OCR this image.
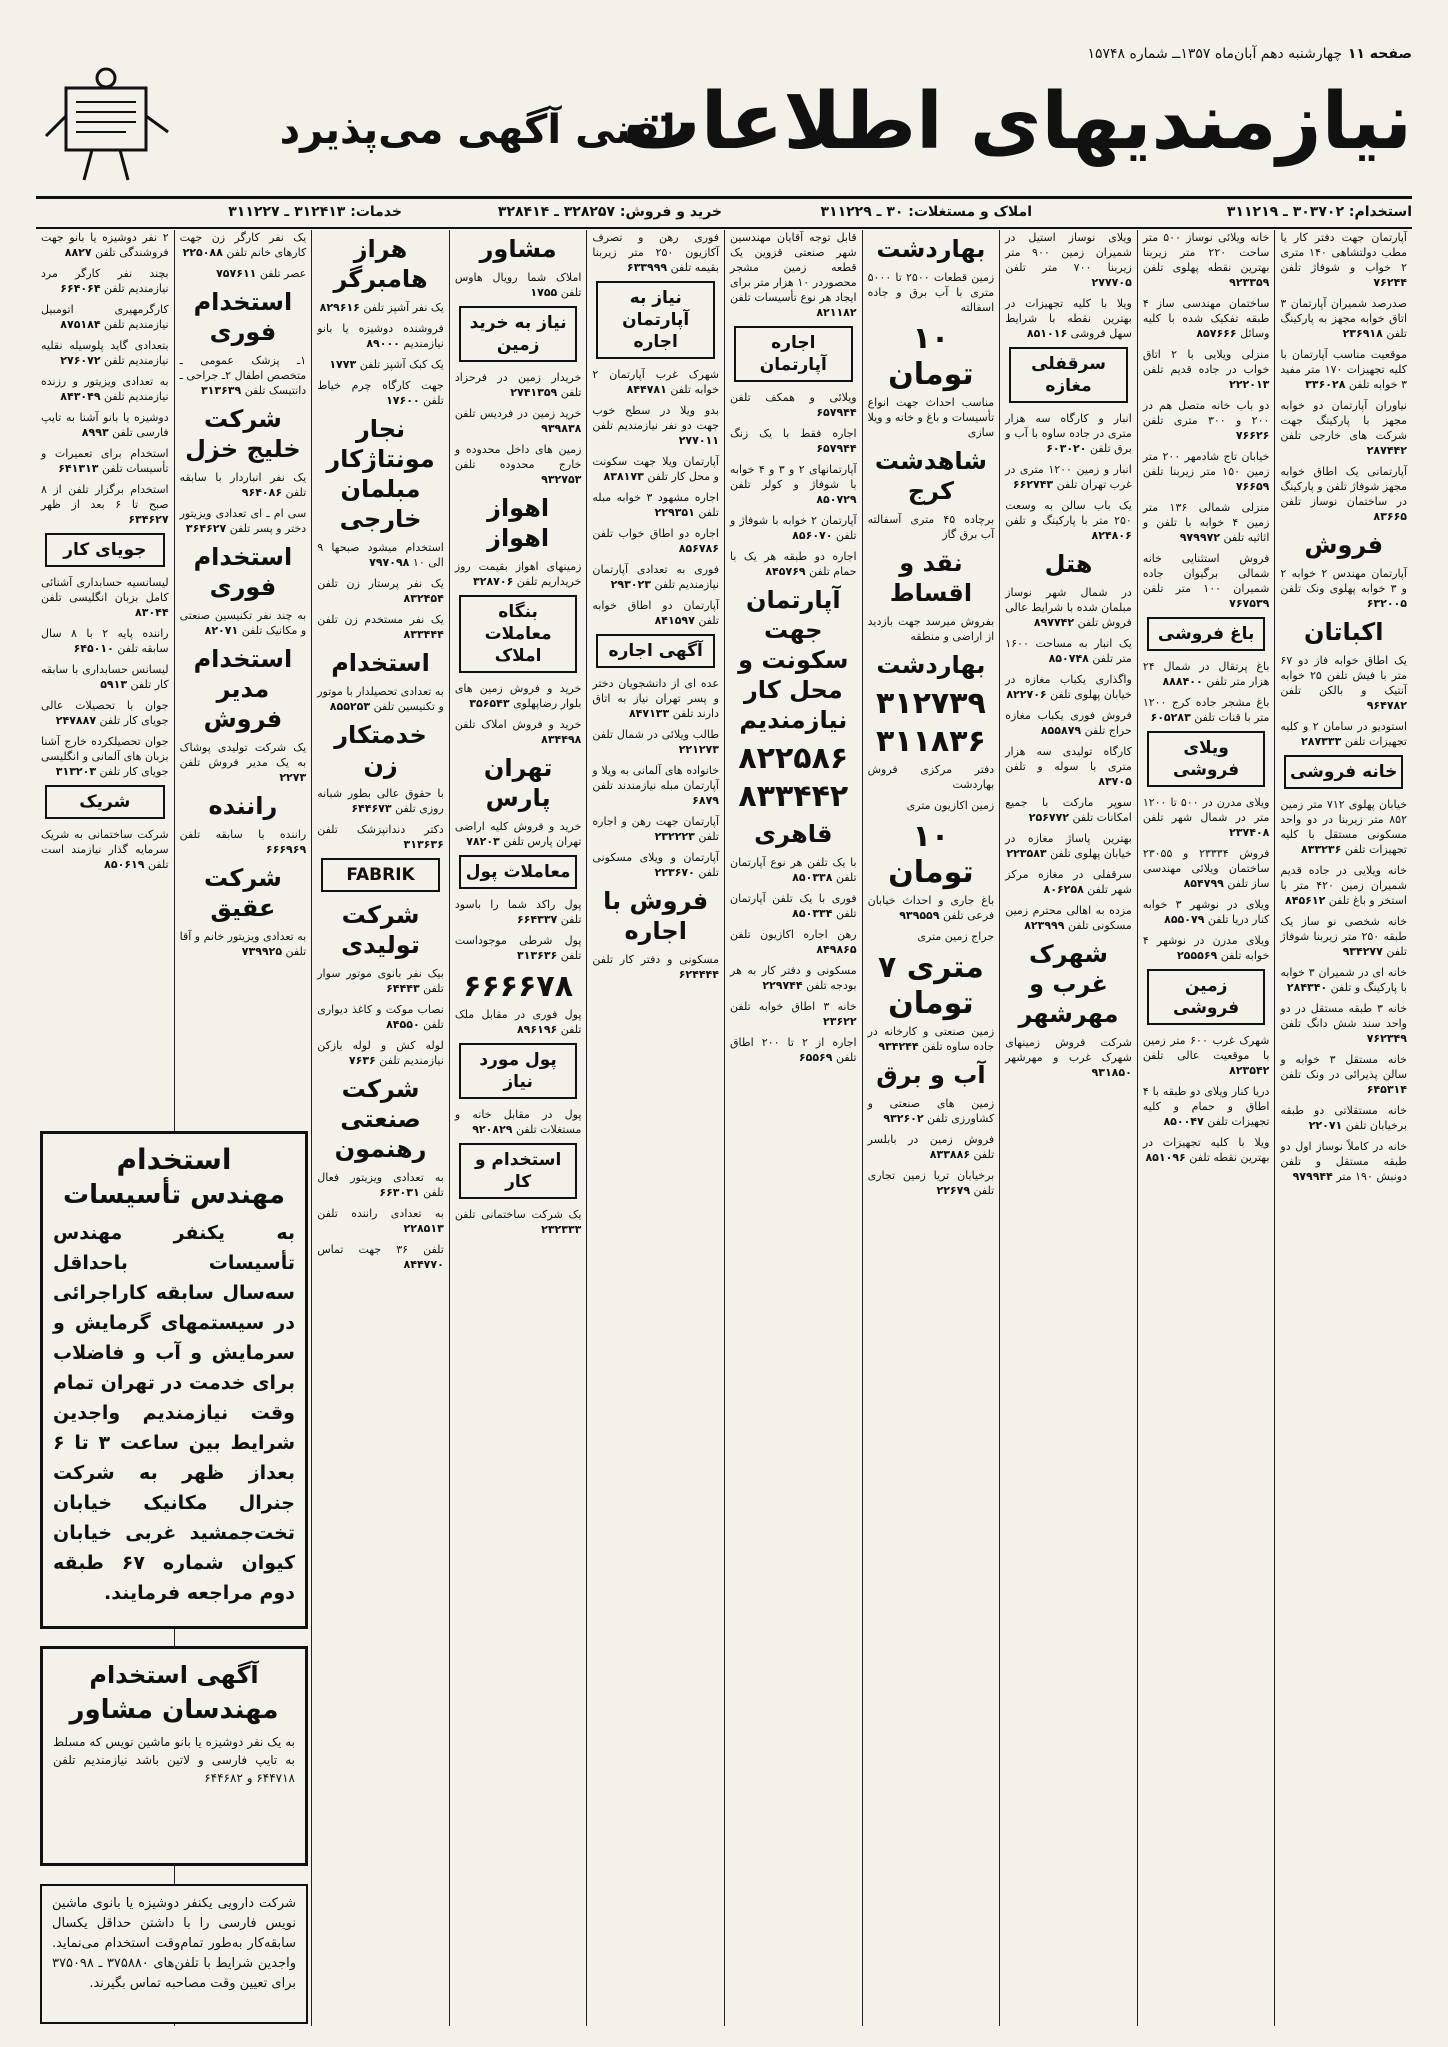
صفحه ۱۱
چهارشنبه دهم آبان‌ماه ۱۳۵۷ــ شماره ۱۵۷۴۸
نیازمندیهای اطلاعات
تلفنی آگهی می‌پذیرد
استخدام: ۳۰۳۷۰۲ ـ ۳۱۱۲۱۹
املاک و مستغلات: ۳۰ ـ ۳۱۱۲۲۹
خرید و فروش: ۳۲۸۲۵۷ ـ ۳۲۸۴۱۴
خدمات: ۳۱۲۴۱۳ ـ ۳۱۱۲۲۷
آپارتمان جهت دفتر کار یا مطب دولتشاهی ۱۴۰ متری ۲ خواب و شوفاژ تلفن ۷۶۲۴۴
صدرصد شمیران آپارتمان ۳ اتاق خوابه مجهز به پارکینگ تلفن ۲۳۶۹۱۸
موقعیت مناسب آپارتمان با کلیه تجهیزات ۱۷۰ متر مفید ۳ خوابه تلفن ۳۳۶۰۲۸
نیاوران آپارتمان دو خوابه مجهز با پارکینگ جهت شرکت های خارجی تلفن ۲۸۷۴۴۲
آپارتمانی یک اطاق خوابه مجهز شوفاژ تلفن و پارکینگ در ساختمان نوساز تلفن ۸۳۶۶۵
فروش
آپارتمان مهندس ۲ خوابه ۲ و ۳ خوابه پهلوی ونک تلفن ۶۳۲۰۰۵
اکباتان
یک اطاق خوابه فاز دو ۶۷ متر با فیش تلفن ۲۵ خوابه آنتیک و بالکن تلفن ۹۶۴۷۸۲
استودیو در سامان ۲ و کلیه تجهیزات تلفن ۲۸۷۳۳۳
خانه فروشی
خیابان پهلوی ۷۱۲ متر زمین ۸۵۲ متر زیربنا در دو واحد مسکونی مستقل با کلیه تجهیزات تلفن ۸۳۳۲۳۶
خانه ویلایی در جاده قدیم شمیران زمین ۴۲۰ متر با استخر و باغ تلفن ۸۴۵۶۱۲
خانه شخصی نو ساز یک طبقه ۲۵۰ متر زیربنا شوفاژ تلفن ۹۳۴۲۷۷
خانه ای در شمیران ۳ خوابه با پارکینگ و تلفن ۲۸۴۳۴۰
خانه ۳ طبقه مستقل در دو واحد سند شش دانگ تلفن ۷۶۲۳۴۹
خانه مستقل ۳ خوابه و سالن پذیرائی در ونک تلفن ۶۴۵۳۱۴
خانه مستقلاتی دو طبقه برخیابان تلفن ۲۲۰۷۱
خانه در کاملاً نوساز اول دو طبقه مستقل و تلفن دونبش ۱۹۰ متر ۹۷۹۹۴۴
خانه ویلائی نوساز ۵۰۰ متر ساحت ۲۲۰ متر زیربنا بهترین نقطه پهلوی تلفن ۹۲۳۳۵۹
ساختمان مهندسی ساز ۴ طبقه تفکیک شده با کلیه وسائل ۸۵۷۶۶۶
منزلی ویلایی با ۲ اتاق خواب در جاده قدیم تلفن ۲۲۲۰۱۳
دو باب خانه متصل هم در ۲۰۰ و ۳۰۰ متری تلفن ۷۶۶۲۶
خیابان تاج شادمهر ۲۰۰ متر زمین ۱۵۰ متر زیربنا تلفن ۷۶۶۵۹
منزلی شمالی ۱۳۶ متر زمین ۴ خوابه با تلفن و اثاثیه تلفن ۹۷۹۹۷۲
فروش استثنایی خانه شمالی برگیوان جاده شمیران ۱۰۰ متر تلفن ۷۶۷۵۳۹
باغ فروشی
باغ پرتقال در شمال ۲۴ هزار متر تلفن ۸۸۸۴۰۰
باغ مشجر جاده کرج ۱۲۰۰ متر با قنات تلفن ۶۰۵۲۸۳
ویلای فروشی
ویلای مدرن در ۵۰۰ تا ۱۲۰۰ متر در شمال شهر تلفن ۲۳۷۴۰۸
فروش ۲۳۳۳۴ و ۲۳۰۵۵ ساختمان ویلائی مهندسی ساز تلفن ۸۵۴۷۹۹
ویلای در نوشهر ۳ خوابه کنار دریا تلفن ۸۵۵۰۷۹
ویلای مدرن در نوشهر ۴ خوابه تلفن ۲۵۵۵۶۹
زمین فروشی
شهرک غرب ۶۰۰ متر زمین با موقعیت عالی تلفن ۸۲۳۵۴۲
دریا کنار ویلای دو طبقه با ۴ اطاق و حمام و کلیه تجهیزات تلفن ۸۵۰۰۴۷
ویلا با کلیه تجهیزات در بهترین نقطه تلفن ۸۵۱۰۹۶
ویلای نوساز استیل در شمیران زمین ۹۰۰ متر زیربنا ۷۰۰ متر تلفن ۲۷۷۷۰۵
ویلا با کلیه تجهیزات در بهترین نقطه با شرایط سهل فروشی ۸۵۱۰۱۶
سرقفلی مغازه
انبار و کارگاه سه هزار متری در جاده ساوه با آب و برق تلفن ۶۰۳۰۲۰
انبار و زمین ۱۲۰۰ متری در غرب تهران تلفن ۶۶۲۷۴۳
یک باب سالن به وسعت ۲۵۰ متر با پارکینگ و تلفن ۸۲۴۸۰۶
هتل
در شمال شهر نوساز مبلمان شده با شرایط عالی فروش تلفن ۸۹۷۷۴۲
یک انبار به مساحت ۱۶۰۰ متر تلفن ۸۵۰۷۴۸
واگذاری یکباب مغازه در خیابان پهلوی تلفن ۸۲۲۷۰۶
فروش فوری یکباب مغازه حراج تلفن ۸۵۵۸۷۹
کارگاه تولیدی سه هزار متری با سوله و تلفن ۸۳۷۰۵
سوپر مارکت با جمیع امکانات تلفن ۲۵۶۷۷۲
بهترین پاساژ مغازه در خیابان پهلوی تلفن ۲۲۳۵۸۳
سرقفلی در مغازه مرکز شهر تلفن ۸۰۶۲۵۸
مزده به اهالی محترم زمین مسکونی تلفن ۸۲۳۹۹۹
شهرک غرب و مهرشهر
شرکت فروش زمینهای شهرک غرب و مهرشهر ۹۳۱۸۵۰
بهاردشت
زمین قطعات ۲۵۰۰ تا ۵۰۰۰ متری با آب برق و جاده اسفالته
۱۰ تومان
مناسب احداث جهت انواع تأسیسات و باغ و خانه و ویلا سازی
شاهدشت کرج
برچاده ۴۵ متری آسفالته آب برق گاز
نقد و اقساط
بفروش میرسد جهت بازدید از اراضی و منطقه
بهاردشت
۳۱۲۷۳۹
۳۱۱۸۳۶
دفتر مرکزی فروش بهاردشت
زمین اکازیون متری
۱۰ تومان
باغ جاری و احداث خیابان فرعی تلفن ۹۳۹۵۵۹
حراج زمین متری
متری ۷ تومان
زمین صنعتی و کارخانه در جاده ساوه تلفن ۹۳۴۲۴۴
آب و برق
زمین های صنعتی و کشاورزی تلفن ۹۳۲۶۰۲
فروش زمین در بابلسر تلفن ۸۳۳۸۸۶
برخیابان تریا زمین تجاری تلفن ۲۲۶۷۹
قابل توجه آقایان مهندسین شهر صنعتی قزوین یک قطعه زمین مشجر محصوردر ۱۰ هزار متر برای ایجاد هر نوع تأسیسات تلفن ۸۲۱۱۸۲
اجاره آپارتمان
ویلائی و همکف تلفن ۶۵۷۹۴۴
اجاره فقط با یک زنگ ۶۵۷۹۴۴
آپارتمانهای ۲ و ۳ و ۴ خوابه با شوفاژ و کولر تلفن ۸۵۰۷۲۹
آپارتمان ۲ خوابه با شوفاژ و تلفن ۸۵۶۰۷۰
اجاره دو طبقه هر یک با حمام تلفن ۸۴۵۷۶۹
آپارتمان جهت سکونت و محل کار نیازمندیم
۸۲۲۵۸۶
۸۳۳۴۴۲
قاهری
با یک تلفن هر نوع آپارتمان تلفن ۸۵۰۳۳۸
فوری با یک تلفن آپارتمان تلفن ۸۵۰۳۳۴
رهن اجاره اکازیون تلفن ۸۴۹۸۶۵
مسکونی و دفتر کار به هر بودجه تلفن ۲۲۹۷۴۴
خانه ۳ اطاق خوابه تلفن ۲۳۶۲۲
اجاره از ۲ تا ۲۰۰ اطاق تلفن ۶۵۵۶۹
فوری رهن و تصرف آکازیون ۲۵۰ متر زیربنا بقیمه تلفن ۶۳۳۹۹۹
نیاز به آپارتمان اجاره
شهرک غرب آپارتمان ۲ خوابه تلفن ۸۴۴۷۸۱
بدو ویلا در سطح خوب جهت دو نفر نیازمندیم تلفن ۲۷۷۰۱۱
آپارتمان ویلا جهت سکونت و محل کار تلفن ۸۳۸۱۷۳
اجاره مشهود ۳ خوابه مبله تلفن ۲۲۹۳۵۱
اجاره دو اطاق خواب تلفن ۸۵۶۷۸۶
فوری به تعدادی آپارتمان نیازمندیم تلفن ۲۹۳۰۲۳
آپارتمان دو اطاق خوابه تلفن ۸۴۱۵۹۷
آگهی اجاره
عده ای از دانشجویان دختر و پسر تهران نیاز به اتاق دارند تلفن ۸۴۷۱۳۳
طالب ویلائی در شمال تلفن ۲۲۱۲۷۳
خانواده های آلمانی به ویلا و آپارتمان مبله نیازمندند تلفن ۶۸۷۹
آپارتمان جهت رهن و اجاره تلفن ۲۳۲۲۲۳
آپارتمان و ویلای مسکونی تلفن ۲۲۳۶۷۰
فروش با اجاره
مسکونی و دفتر کار تلفن ۶۲۴۴۴۴
مشاور
املاک شما رویال هاوس تلفن ۱۷۵۵
نیاز به خرید زمین
خریدار زمین در فرحزاد تلفن ۲۷۴۱۳۵۹
خرید زمین در فردیس تلفن ۹۳۹۸۳۸
زمین های داخل محدوده و خارج محدوده تلفن ۹۳۲۷۵۳
اهواز اهواز
زمینهای اهواز بقیمت روز خریداریم تلفن ۳۲۸۷۰۶
بنگاه معاملات املاک
خرید و فروش زمین های بلوار رضاپهلوی ۳۵۶۵۴۳
خرید و فروش املاک تلفن ۸۳۴۴۹۸
تهران پارس
خرید و فروش کلیه اراضی تهران پارس تلفن ۷۸۲۰۳
معاملات پول
پول راکد شما را باسود تلفن ۶۶۴۳۳۷
پول شرطی موجوداست تلفن ۳۱۳۶۳۶
۶۶۶۶۷۸
پول فوری در مقابل ملک تلفن ۸۹۶۱۹۶
پول مورد نیاز
پول در مقابل خانه و مستغلات تلفن ۹۲۰۸۲۹
استخدام و کار
یک شرکت ساختمانی تلفن ۲۳۲۳۳۳
هراز هامبرگر
یک نفر آشپز تلفن ۸۲۹۶۱۶
فروشنده دوشیزه یا بانو نیازمندیم ۸۹۰۰۰
یک کبک آشپز تلفن ۱۷۷۳
جهت کارگاه چرم خیاط تلفن ۱۷۶۰۰
نجار مونتاژکار مبلمان خارجی
استخدام میشود صبحها ۹ الی ۱۰ ۷۹۷۰۹۸
یک نفر پرستار زن تلفن ۸۳۲۴۵۴
یک نفر مستخدم زن تلفن ۸۳۳۴۴۴
استخدام
به تعدادی تحصیلدار با موتور و تکنیسین تلفن ۸۵۵۲۵۳
خدمتکار زن
با حقوق عالی بطور شبانه روزی تلفن ۶۴۴۶۷۳
دکتر دندانپزشک تلفن ۳۱۳۶۳۶
FABRIK
شرکت تولیدی
بیک نفر بانوی موتور سوار تلفن ۶۴۴۴۳
نصاب موکت و کاغذ دیواری تلفن ۸۴۵۵۰
لوله کش و لوله بازکن نیازمندیم تلفن ۷۶۳۶
شرکت صنعتی رهنمون
به تعدادی ویزیتور فعال تلفن ۶۶۳۰۳۱
به تعدادی راننده تلفن ۲۲۸۵۱۳
تلفن ۳۶ جهت تماس ۸۴۴۷۷۰
یک نفر کارگر زن جهت کارهای خانم تلفن ۲۲۵۰۸۸
عصر تلفن ۷۵۷۶۱۱
استخدام فوری
۱ـ پزشک عمومی ـ متخصص اطفال ۲ـ جراحی ـ دانتیسک تلفن ۳۱۳۶۳۹
شرکت خلیج خزل
یک نفر انباردار با سابقه تلفن ۹۶۴۰۸۶
سی ام ـ ای تعدادی ویزیتور دختر و پسر تلفن ۳۶۴۶۲۷
استخدام فوری
به چند نفر تکنیسین صنعتی و مکانیک تلفن ۸۲۰۷۱
استخدام مدیر فروش
یک شرکت تولیدی پوشاک به یک مدیر فروش تلفن ۲۲۷۳
راننده
راننده با سابقه تلفن ۶۶۶۹۶۹
شرکت عقیق
به تعدادی ویزیتور خانم و آقا تلفن ۷۳۹۹۲۵
۲ نفر دوشیزه یا بانو جهت فروشندگی تلفن ۸۸۲۷
بچند نفر کارگر مرد نیازمندیم تلفن ۶۶۴۰۶۴
کارگرمهیری اتومبیل نیازمندیم تلفن ۸۷۵۱۸۴
بتعدادی گاید پلوسیله نقلیه نیازمندیم تلفن ۲۷۶۰۷۲
به تعدادی ویزیتور و رزنده نیازمندیم تلفن ۸۴۳۰۴۹
دوشیزه یا بانو آشنا به تایپ فارسی تلفن ۸۹۹۳
استخدام برای تعمیرات و تأسیسات تلفن ۶۴۱۳۱۳
استخدام برگزار تلفن از ۸ صبح تا ۶ بعد از ظهر ۶۳۴۶۲۷
جویای کار
لیسانسیه حسابداری آشنائی کامل بزبان انگلیسی تلفن ۸۳۰۴۴
راننده پایه ۲ با ۸ سال سابقه تلفن ۶۴۵۰۱۰
لیسانس حسابداری با سابقه کار تلفن ۵۹۱۳
جوان با تحصیلات عالی جویای کار تلفن ۲۴۷۸۸۷
جوان تحصیلکرده خارج آشنا بزبان های آلمانی و انگلیسی جویای کار تلفن ۳۱۳۲۰۳
شریک
شرکت ساختمانی به شریک سرمایه گذار نیازمند است تلفن ۸۵۰۶۱۹
استخدام
مهندس تأسیسات
به یکنفر مهندس تأسیسات باحداقل سه‌سال سابقه کاراجرائی در سیستمهای گرمایش و سرمایش و آب و فاضلاب برای خدمت در تهران تمام وقت نیازمندیم واجدین شرایط بین ساعت ۳ تا ۶ بعداز ظهر به شرکت جنرال مکانیک خیابان تخت‌جمشید غربی خیابان کیوان شماره ۶۷ طبقه دوم مراجعه فرمایند.
آگهی استخدام
مهندسان مشاور
به یک نفر دوشیزه یا بانو ماشین نویس که مسلط به تایپ فارسی و لاتین باشد نیازمندیم تلفن ۶۴۴۷۱۸ و ۶۴۴۶۸۲
شرکت دارویی یکنفر دوشیزه یا بانوی ماشین نویس فارسی را با داشتن حداقل یکسال سابقه‌کار به‌طور تمام‌وقت استخدام می‌نماید. واجدین شرایط با تلفن‌های ۳۷۵۸۸۰ ـ ۳۷۵۰۹۸ برای تعیین وقت مصاحبه تماس بگیرند.
